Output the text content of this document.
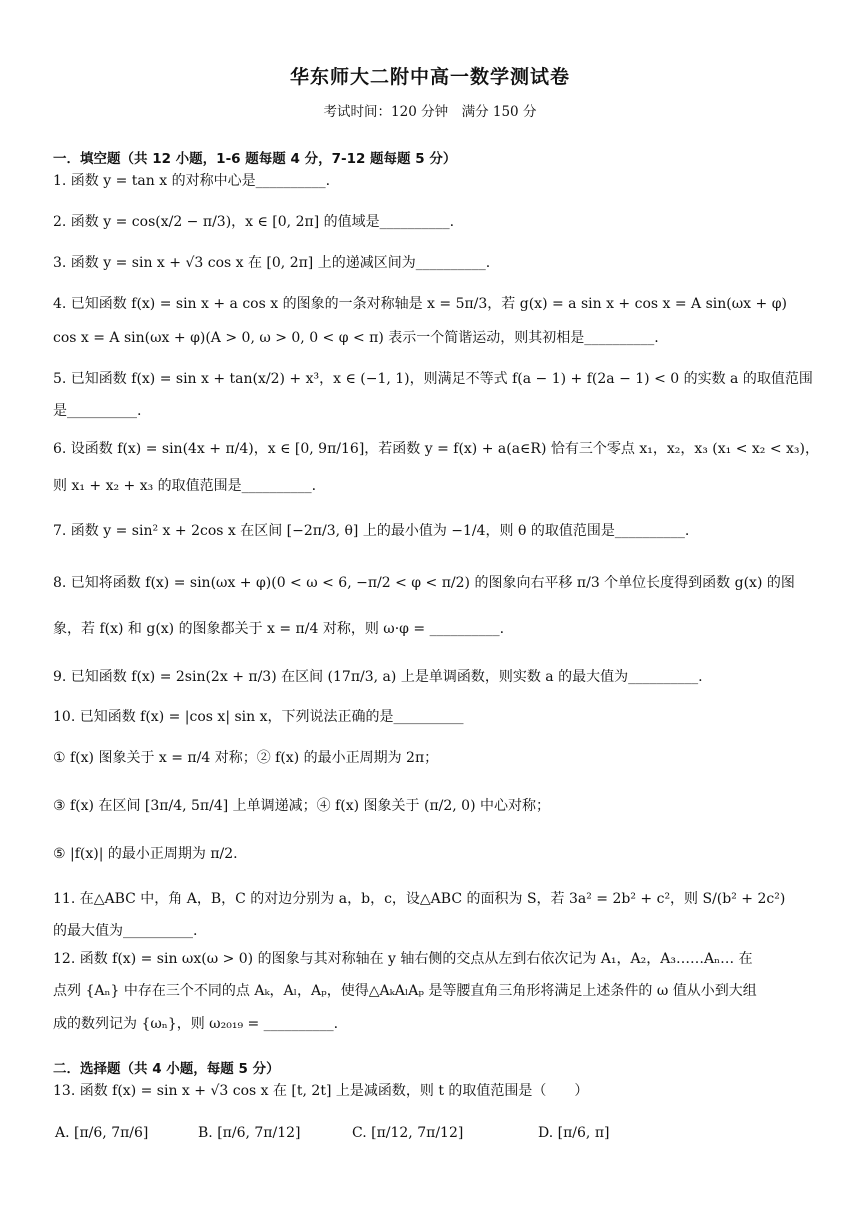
华东师大二附中高一数学测试卷
考试时间：120 分钟　满分 150 分
一．填空题（共 12 小题，1-6 题每题 4 分，7-12 题每题 5 分）
1. 函数 y = tan x 的对称中心是__________.
2. 函数 y = cos(x/2 − π/3)，x ∈ [0, 2π] 的值域是__________.
3. 函数 y = sin x + √3 cos x 在 [0, 2π] 上的递减区间为__________.
4. 已知函数 f(x) = sin x + a cos x 的图象的一条对称轴是 x = 5π/3，若 g(x) = a sin x + cos x = A sin(ωx + φ)
cos x = A sin(ωx + φ)(A > 0, ω > 0, 0 < φ < π) 表示一个简谐运动，则其初相是__________.
5. 已知函数 f(x) = sin x + tan(x/2) + x³，x ∈ (−1, 1)，则满足不等式 f(a − 1) + f(2a − 1) < 0 的实数 a 的取值范围
是__________.
6. 设函数 f(x) = sin(4x + π/4)，x ∈ [0, 9π/16]，若函数 y = f(x) + a(a∈R) 恰有三个零点 x₁，x₂，x₃ (x₁ < x₂ < x₃)，
则 x₁ + x₂ + x₃ 的取值范围是__________.
7. 函数 y = sin² x + 2cos x 在区间 [−2π/3, θ] 上的最小值为 −1/4，则 θ 的取值范围是__________.
8. 已知将函数 f(x) = sin(ωx + φ)(0 < ω < 6, −π/2 < φ < π/2) 的图象向右平移 π/3 个单位长度得到函数 g(x) 的图
象，若 f(x) 和 g(x) 的图象都关于 x = π/4 对称，则 ω·φ = __________.
9. 已知函数 f(x) = 2sin(2x + π/3) 在区间 (17π/3, a) 上是单调函数，则实数 a 的最大值为__________.
10. 已知函数 f(x) = |cos x| sin x，下列说法正确的是__________
① f(x) 图象关于 x = π/4 对称；② f(x) 的最小正周期为 2π；
③ f(x) 在区间 [3π/4, 5π/4] 上单调递减；④ f(x) 图象关于 (π/2, 0) 中心对称；
⑤ |f(x)| 的最小正周期为 π/2.
11. 在△ABC 中，角 A，B，C 的对边分别为 a，b，c，设△ABC 的面积为 S，若 3a² = 2b² + c²，则 S/(b² + 2c²)
的最大值为__________.
12. 函数 f(x) = sin ωx(ω > 0) 的图象与其对称轴在 y 轴右侧的交点从左到右依次记为 A₁，A₂，A₃……Aₙ… 在
点列 {Aₙ} 中存在三个不同的点 Aₖ，Aₗ，Aₚ，使得△AₖAₗAₚ 是等腰直角三角形将满足上述条件的 ω 值从小到大组
成的数列记为 {ωₙ}，则 ω₂₀₁₉ = __________.
二．选择题（共 4 小题，每题 5 分）
13. 函数 f(x) = sin x + √3 cos x 在 [t, 2t] 上是减函数，则 t 的取值范围是（　　）
A. [π/6, 7π/6]	B. [π/6, 7π/12]	C. [π/12, 7π/12]	D. [π/6, π]
